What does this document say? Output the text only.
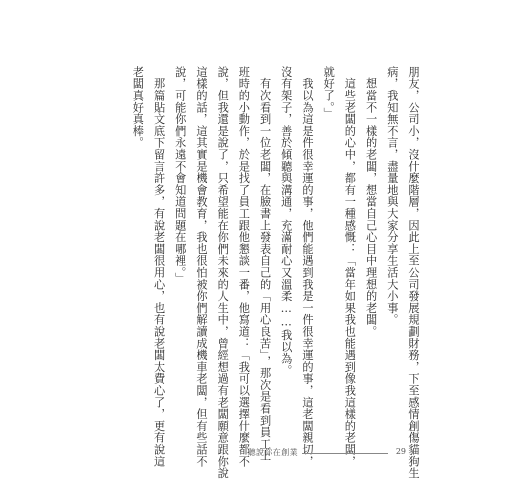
朋友，公司小，沒什麼階層，因此上至公司發展規劃財務，下至感情創傷貓狗生

病，我知無不言，盡量地與大家分享生活大小事。

　想當不一樣的老闆，想當自己心目中理想的老闆。

　這些老闆的心中，都有一種感慨：「當年如果我也能遇到像我這樣的老闆，

就好了。」

　我以為這是件很幸運的事，他們能遇到我是一件很幸運的事，這老闆親切，

沒有架子，善於傾聽與溝通，充滿耐心又溫柔……我以為。

　有次看到一位老闆，在臉書上發表自己的「用心良苦」，那次是看到員工上

班時的小動作，於是找了員工跟他懇談一番，他寫道：「我可以選擇什麼都不

說，但我還是說了，只希望能在你們未來的人生中，曾經想過有老闆願意跟你說

這樣的話，這其實是機會教育，我也很怕被你們解讀成機車老闆，但有些話不

說，可能你們永遠不會知道問題在哪裡。」

　那篇貼文底下留言許多，有說老闆很用心，也有說老闆太費心了，更有說這

老闆真好真棒。

聽說你在創業	29
